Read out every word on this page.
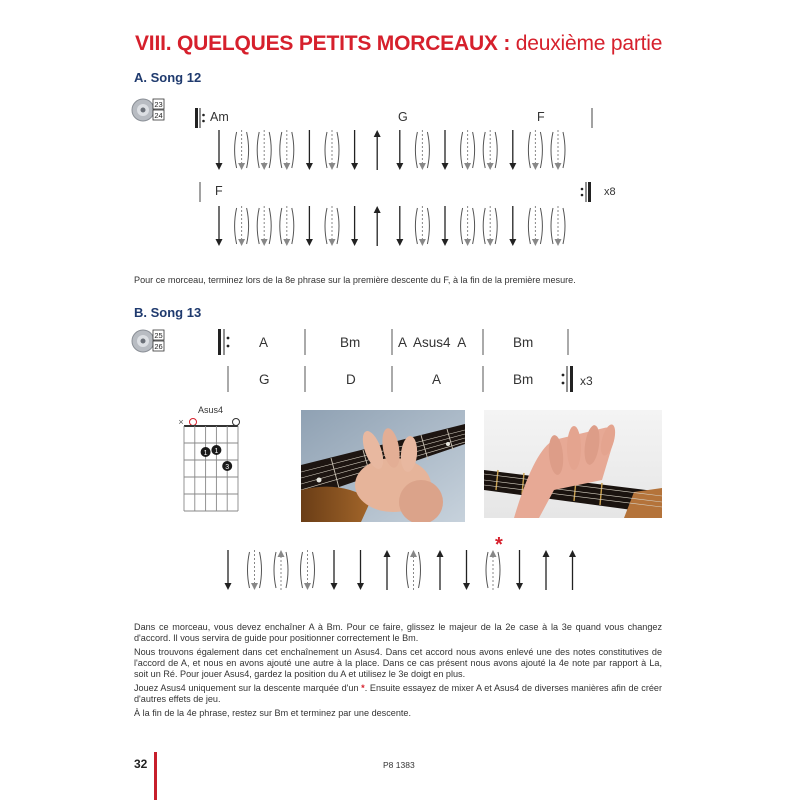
VIII. QUELQUES PETITS MORCEAUX : deuxième partie
A. Song 12
23
24	Am	G	F
F	x8
Pour ce morceau, terminez lors de la 8e phrase sur la première descente du F, à la fin de la première mesure.
B. Song 13
25
26	A	Bm	A  Asus4  A	Bm
G	D	A	Bm	x3
Asus4
×
1 1
3
*

Dans ce morceau, vous devez enchaîner A à Bm. Pour ce faire, glissez le majeur de la 2e case à la 3e quand vous changez d'accord. Il vous servira de guide pour positionner correctement le Bm.

Nous trouvons également dans cet enchaînement un Asus4. Dans cet accord nous avons enlevé une des notes constitutives de l'accord de A, et nous en avons ajouté une autre à la place. Dans ce cas présent nous avons ajouté la 4e note par rapport à La, soit un Ré. Pour jouer Asus4, gardez la position du A et utilisez le 3e doigt en plus.

Jouez Asus4 uniquement sur la descente marquée d'un *. Ensuite essayez de mixer A et Asus4 de diverses manières afin de créer d'autres effets de jeu.

À la fin de la 4e phrase, restez sur Bm et terminez par une descente.

32	P8 1383
